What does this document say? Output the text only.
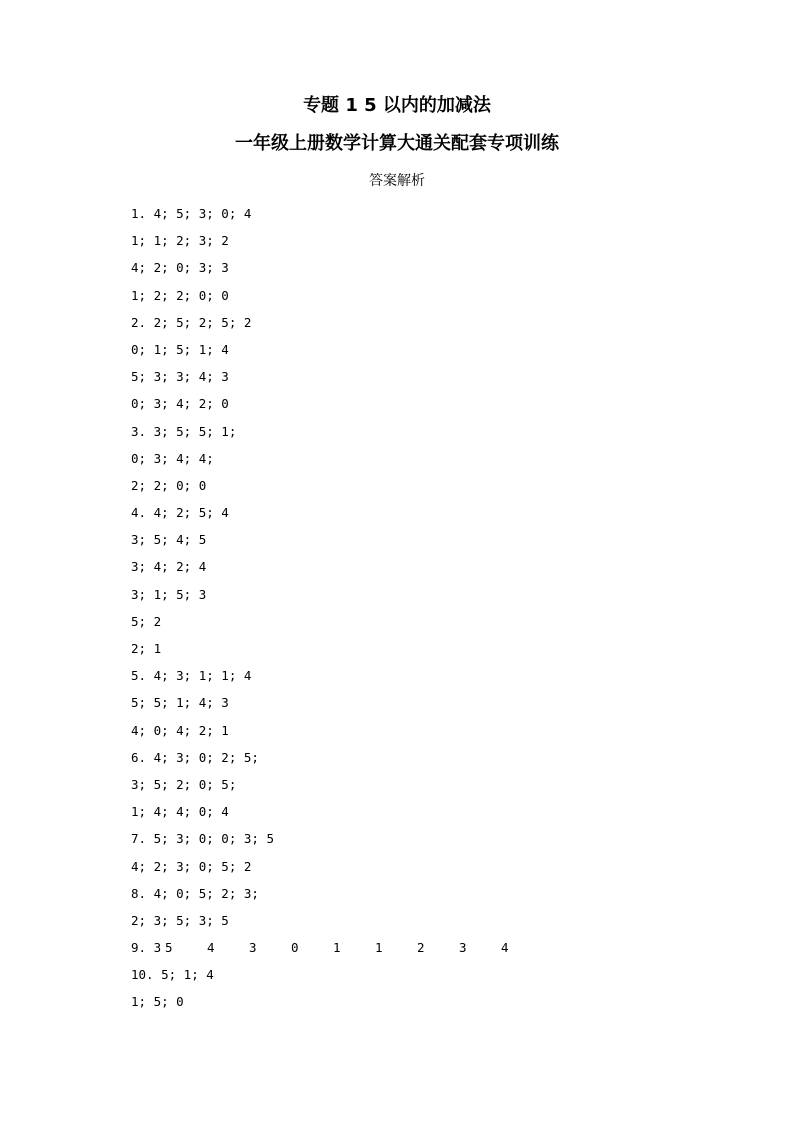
专题 1 5 以内的加减法
一年级上册数学计算大通关配套专项训练
答案解析
1. 4; 5; 3; 0; 4
1; 1; 2; 3; 2
4; 2; 0; 3; 3
1; 2; 2; 0; 0
2. 2; 5; 2; 5; 2
0; 1; 5; 1; 4
5; 3; 3; 4; 3
0; 3; 4; 2; 0
3. 3; 5; 5; 1;
0; 3; 4; 4;
2; 2; 0; 0
4. 4; 2; 5; 4
3; 5; 4; 5
3; 4; 2; 4
3; 1; 5; 3
5; 2
2; 1
5. 4; 3; 1; 1; 4
5; 5; 1; 4; 3
4; 0; 4; 2; 1
6. 4; 3; 0; 2; 5;
3; 5; 2; 0; 5;
1; 4; 4; 0; 4
7. 5; 3; 0; 0; 3; 5
4; 2; 3; 0; 5; 2
8. 4; 0; 5; 2; 3;
2; 3; 5; 3; 5
9. 3 5	4	3	0	1	1	2	3	4
10. 5; 1; 4
1; 5; 0
